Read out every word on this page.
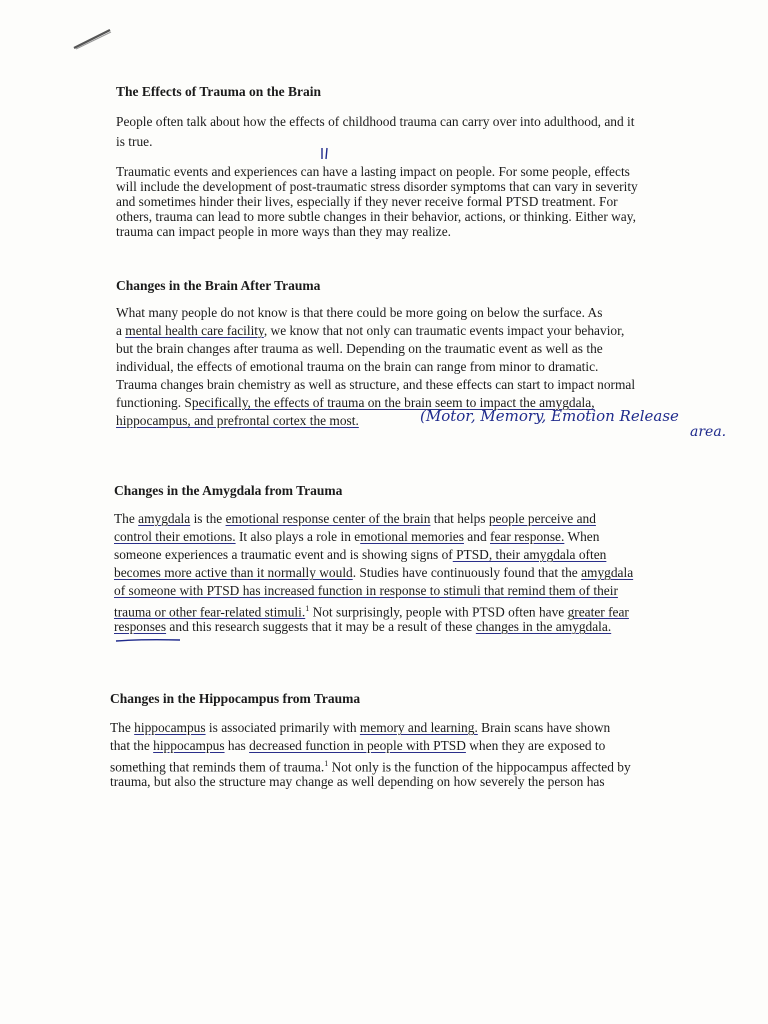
The Effects of Trauma on the Brain

People often talk about how the effects of childhood trauma can carry over into adulthood, and it

is true.

Traumatic events and experiences can have a lasting impact on people. For some people, effects

will include the development of post-traumatic stress disorder symptoms that can vary in severity

and sometimes hinder their lives, especially if they never receive formal PTSD treatment. For

others, trauma can lead to more subtle changes in their behavior, actions, or thinking. Either way,

trauma can impact people in more ways than they may realize.

Changes in the Brain After Trauma

What many people do not know is that there could be more going on below the surface. As

a mental health care facility, we know that not only can traumatic events impact your behavior,

but the brain changes after trauma as well. Depending on the traumatic event as well as the

individual, the effects of emotional trauma on the brain can range from minor to dramatic.

Trauma changes brain chemistry as well as structure, and these effects can start to impact normal

functioning. Specifically, the effects of trauma on the brain seem to impact the amygdala,

hippocampus, and prefrontal cortex the most.	(Motor, Memory, Emotion Release
area.
Changes in the Amygdala from Trauma

The amygdala is the emotional response center of the brain that helps people perceive and

control their emotions. It also plays a role in emotional memories and fear response. When

someone experiences a traumatic event and is showing signs of PTSD, their amygdala often

becomes more active than it normally would. Studies have continuously found that the amygdala

of someone with PTSD has increased function in response to stimuli that remind them of their

trauma or other fear-related stimuli.$^1$ Not surprisingly, people with PTSD often have greater fear

responses and this research suggests that it may be a result of these changes in the amygdala.

Changes in the Hippocampus from Trauma

The hippocampus is associated primarily with memory and learning. Brain scans have shown

that the hippocampus has decreased function in people with PTSD when they are exposed to

something that reminds them of trauma.$^1$ Not only is the function of the hippocampus affected by

trauma, but also the structure may change as well depending on how severely the person has
